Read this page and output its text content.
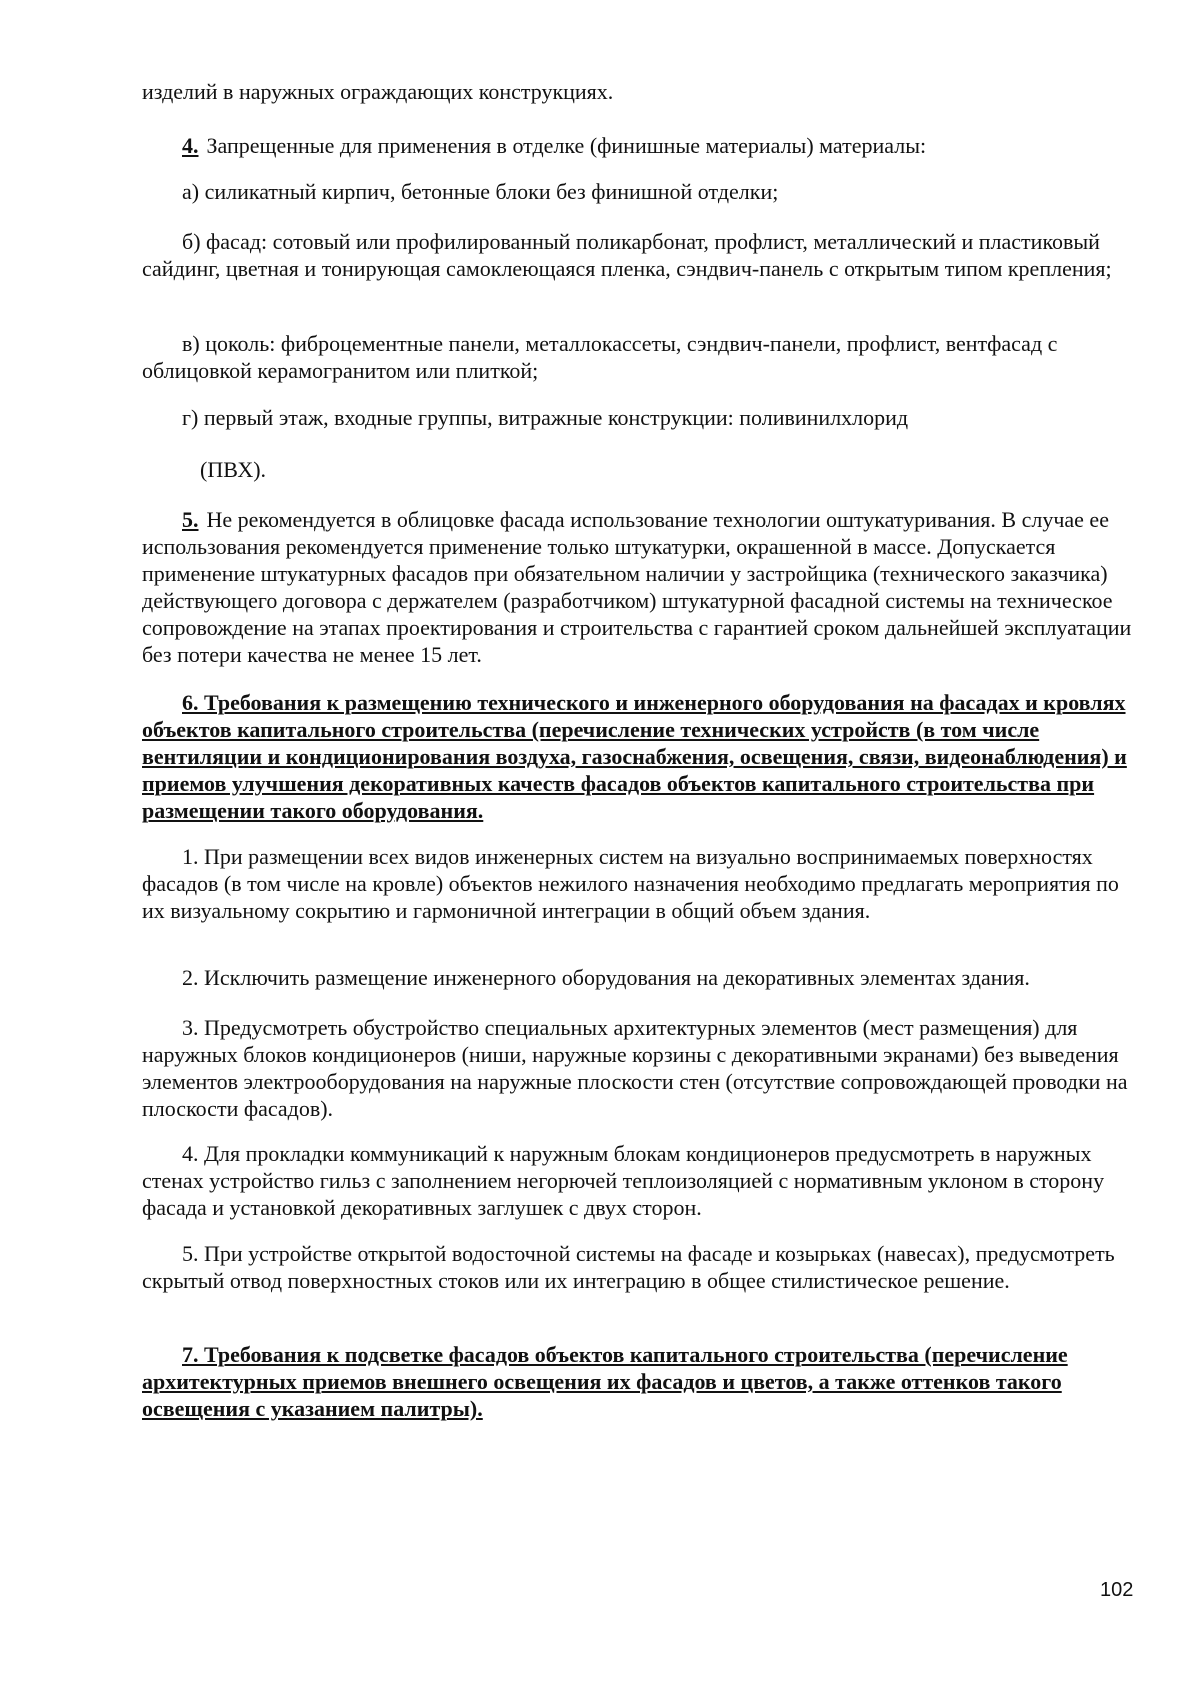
изделий в наружных ограждающих конструкциях.

4. Запрещенные для применения в отделке (финишные материалы) материалы:

а) силикатный кирпич, бетонные блоки без финишной отделки;

б) фасад: сотовый или профилированный поликарбонат, профлист, металлический и пластиковый сайдинг, цветная и тонирующая самоклеющаяся пленка, сэндвич-панель с открытым типом крепления;

в) цоколь: фиброцементные панели, металлокассеты, сэндвич-панели, профлист, вентфасад с облицовкой керамогранитом или плиткой;

г) первый этаж, входные группы, витражные конструкции: поливинилхлорид

(ПВХ).

5. Не рекомендуется в облицовке фасада использование технологии оштукатуривания. В случае ее использования рекомендуется применение только штукатурки, окрашенной в массе. Допускается применение штукатурных фасадов при обязательном наличии у застройщика (технического заказчика) действующего договора с держателем (разработчиком) штукатурной фасадной системы на техническое сопровождение на этапах проектирования и строительства с гарантией сроком дальнейшей эксплуатации без потери качества не менее 15 лет.

6. Требования к размещению технического и инженерного оборудования на фасадах и кровлях объектов капитального строительства (перечисление технических устройств (в том числе вентиляции и кондиционирования воздуха, газоснабжения, освещения, связи, видеонаблюдения) и приемов улучшения декоративных качеств фасадов объектов капитального строительства при размещении такого оборудования.

1. При размещении всех видов инженерных систем на визуально воспринимаемых поверхностях фасадов (в том числе на кровле) объектов нежилого назначения необходимо предлагать мероприятия по их визуальному сокрытию и гармоничной интеграции в общий объем здания.

2. Исключить размещение инженерного оборудования на декоративных элементах здания.

3. Предусмотреть обустройство специальных архитектурных элементов (мест размещения) для наружных блоков кондиционеров (ниши, наружные корзины с декоративными экранами) без выведения элементов электрооборудования на наружные плоскости стен (отсутствие сопровождающей проводки на плоскости фасадов).

4. Для прокладки коммуникаций к наружным блокам кондиционеров предусмотреть в наружных стенах устройство гильз с заполнением негорючей теплоизоляцией с нормативным уклоном в сторону фасада и установкой декоративных заглушек с двух сторон.

5. При устройстве открытой водосточной системы на фасаде и козырьках (навесах), предусмотреть скрытый отвод поверхностных стоков или их интеграцию в общее стилистическое решение.

7. Требования к подсветке фасадов объектов капитального строительства (перечисление архитектурных приемов внешнего освещения их фасадов и цветов, а также оттенков такого освещения с указанием палитры).

102
